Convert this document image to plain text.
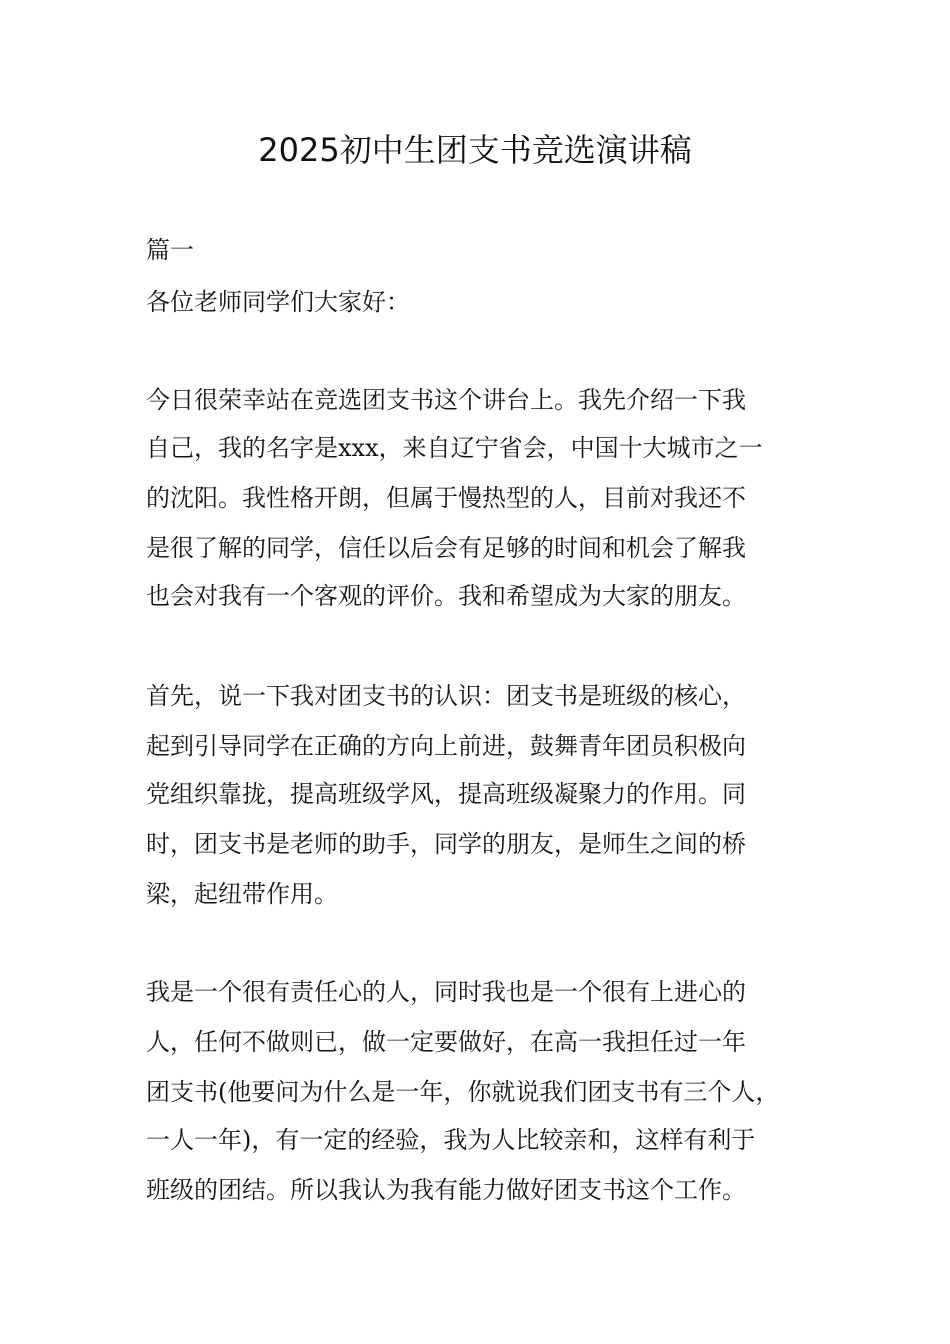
2025初中生团支书竞选演讲稿
篇一
各位老师同学们大家好：
今日很荣幸站在竞选团支书这个讲台上。我先介绍一下我
自己，我的名字是xxx，来自辽宁省会，中国十大城市之一
的沈阳。我性格开朗，但属于慢热型的人，目前对我还不
是很了解的同学，信任以后会有足够的时间和机会了解我
也会对我有一个客观的评价。我和希望成为大家的朋友。
首先，说一下我对团支书的认识：团支书是班级的核心，
起到引导同学在正确的方向上前进，鼓舞青年团员积极向
党组织靠拢，提高班级学风，提高班级凝聚力的作用。同
时，团支书是老师的助手，同学的朋友，是师生之间的桥
梁，起纽带作用。
我是一个很有责任心的人，同时我也是一个很有上进心的
人，任何不做则已，做一定要做好，在高一我担任过一年
团支书(他要问为什么是一年，你就说我们团支书有三个人，
一人一年)，有一定的经验，我为人比较亲和，这样有利于
班级的团结。所以我认为我有能力做好团支书这个工作。
